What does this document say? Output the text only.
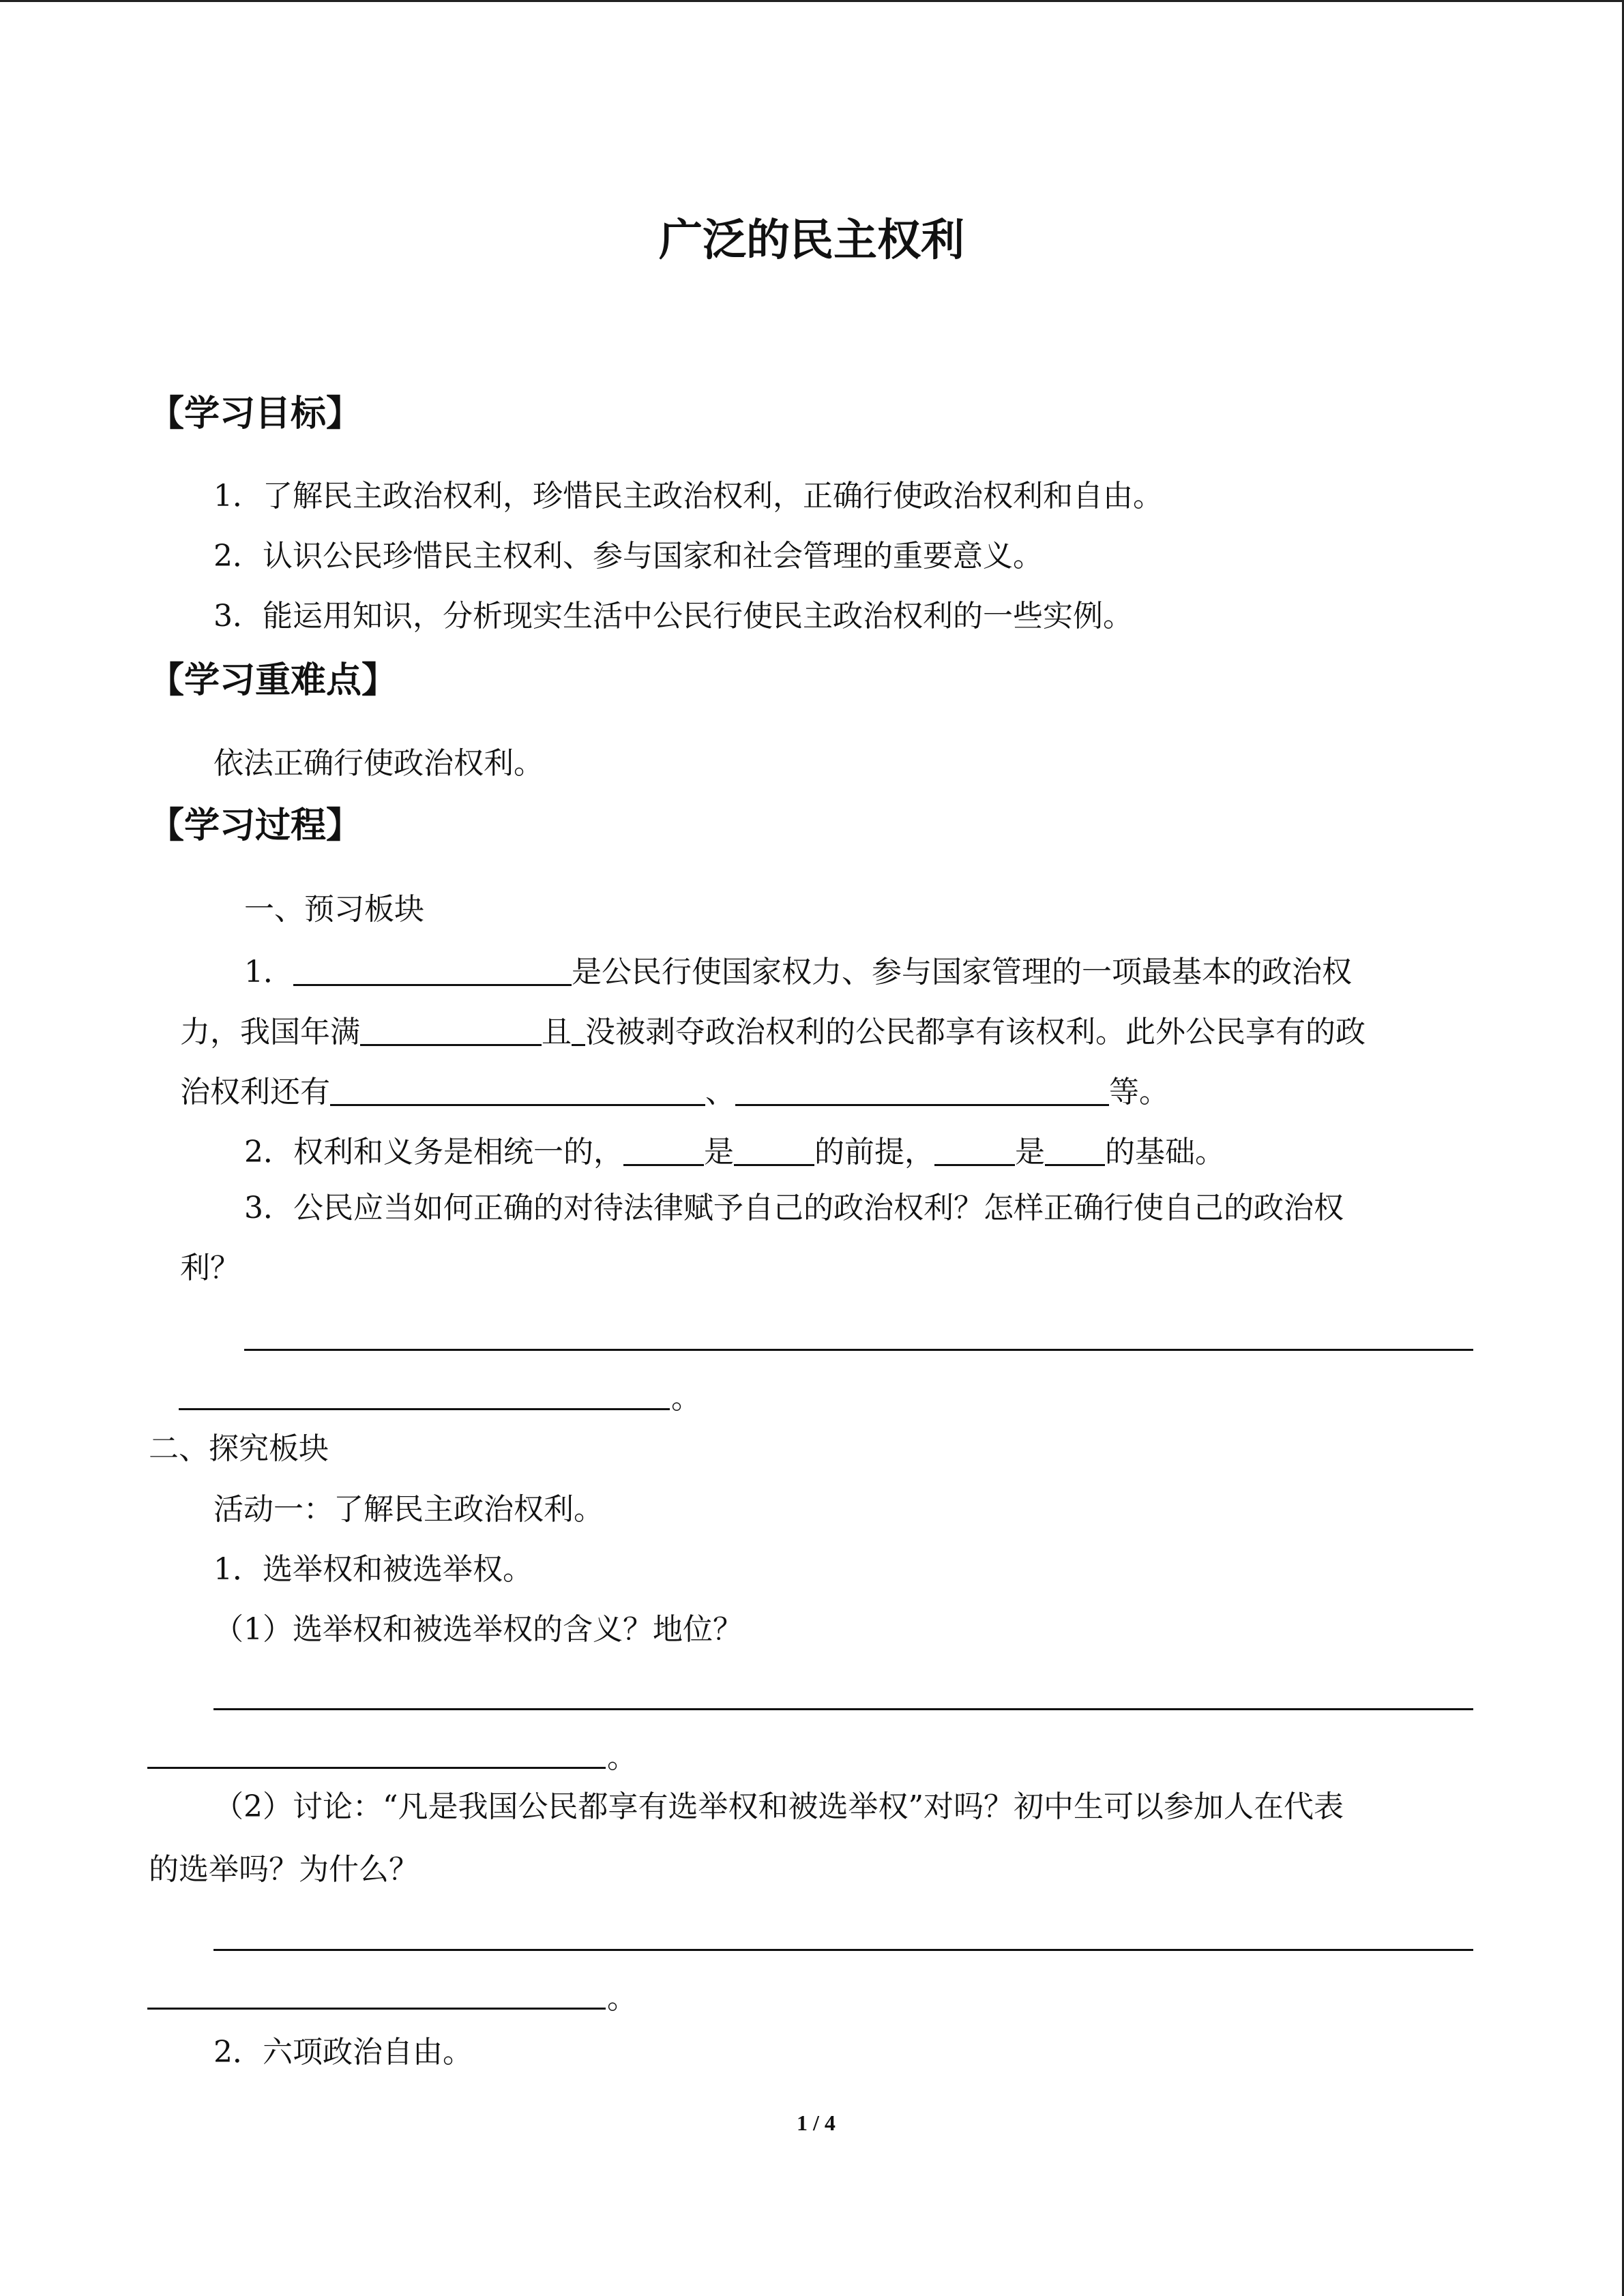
广泛的民主权利
【学习目标】
1．了解民主政治权利，珍惜民主政治权利，正确行使政治权利和自由。
2．认识公民珍惜民主权利、参与国家和社会管理的重要意义。
3．能运用知识，分析现实生活中公民行使民主政治权利的一些实例。
【学习重难点】
依法正确行使政治权利。
【学习过程】
一、预习板块
1．	是公民行使国家权力、参与国家管理的一项最基本的政治权
力，我国年满	且 没被剥夺政治权利的公民都享有该权利。此外公民享有的政
治权利还有	、	等。
2．权利和义务是相统一的，	是	的前提，	是 的基础。
3．公民应当如何正确的对待法律赋予自己的政治权利？怎样正确行使自己的政治权
利？
。
二、探究板块
活动一：了解民主政治权利。
1．选举权和被选举权。
（1）选举权和被选举权的含义？地位？
。
（2）讨论：“凡是我国公民都享有选举权和被选举权”对吗？初中生可以参加人在代表
的选举吗？为什么？
。
2．六项政治自由。
1 / 4
